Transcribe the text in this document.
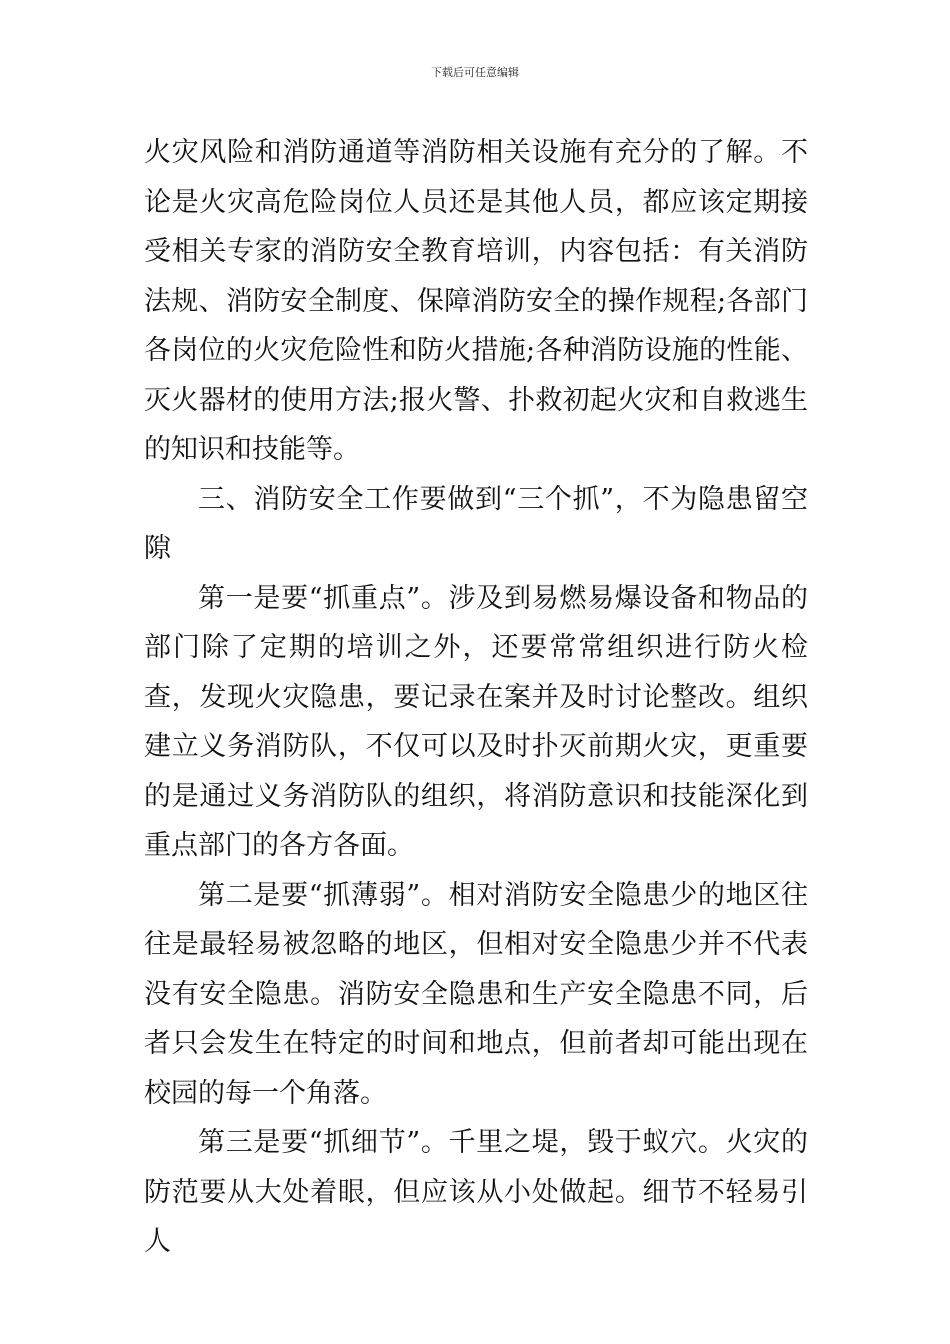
下载后可任意编辑

火灾风险和消防通道等消防相关设施有充分的了解。不论是火灾高危险岗位人员还是其他人员，都应该定期接受相关专家的消防安全教育培训，内容包括：有关消防法规、消防安全制度、保障消防安全的操作规程;各部门各岗位的火灾危险性和防火措施;各种消防设施的性能、灭火器材的使用方法;报火警、扑救初起火灾和自救逃生的知识和技能等。

三、消防安全工作要做到“三个抓”，不为隐患留空隙

第一是要“抓重点”。涉及到易燃易爆设备和物品的部门除了定期的培训之外，还要常常组织进行防火检查，发现火灾隐患，要记录在案并及时讨论整改。组织建立义务消防队，不仅可以及时扑灭前期火灾，更重要的是通过义务消防队的组织，将消防意识和技能深化到重点部门的各方各面。

第二是要“抓薄弱”。相对消防安全隐患少的地区往往是最轻易被忽略的地区，但相对安全隐患少并不代表没有安全隐患。消防安全隐患和生产安全隐患不同，后者只会发生在特定的时间和地点，但前者却可能出现在校园的每一个角落。

第三是要“抓细节”。千里之堤，毁于蚁穴。火灾的防范要从大处着眼，但应该从小处做起。细节不轻易引人
